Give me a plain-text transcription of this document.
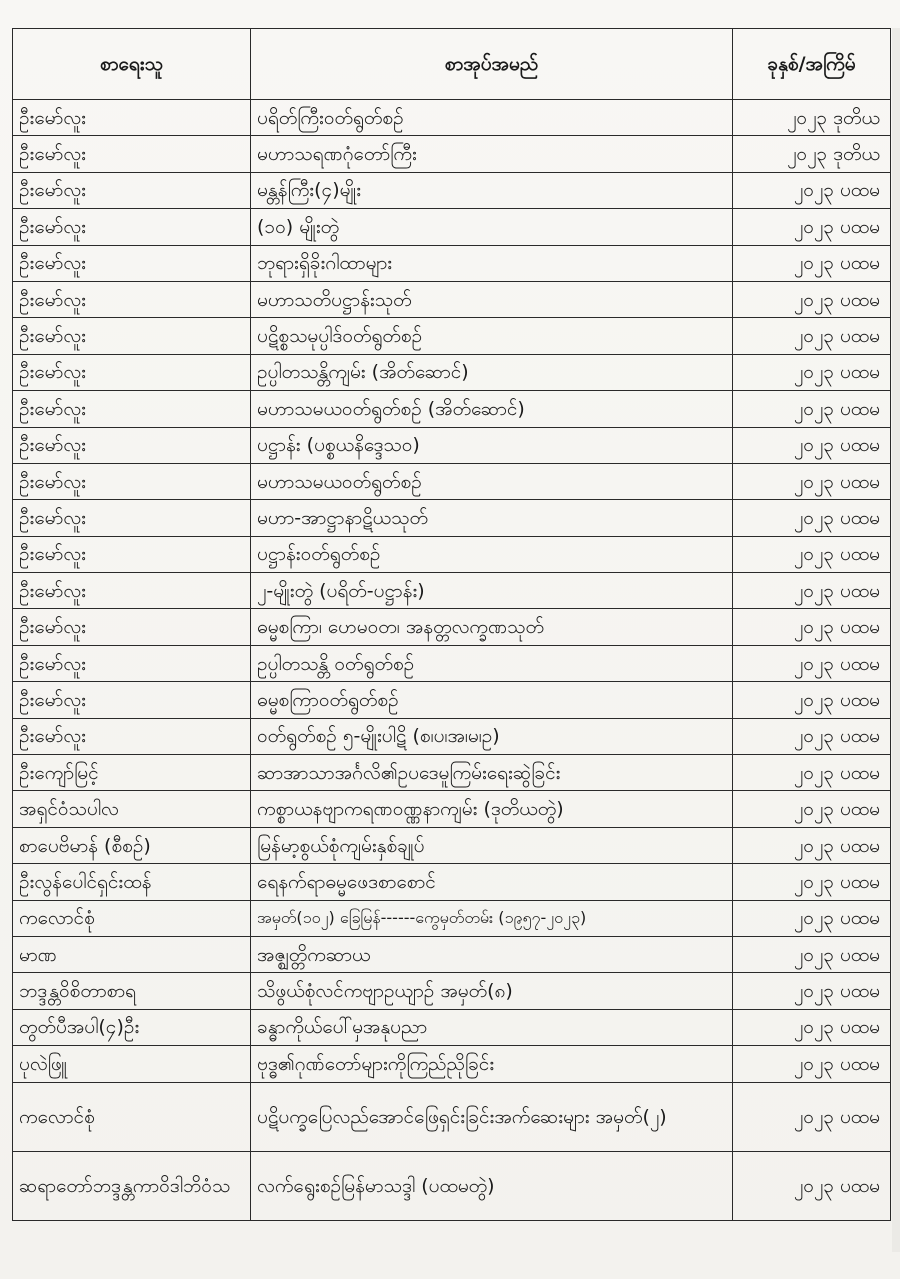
စာရေးသူ	စာအုပ်အမည်	ခုနှစ်/အကြိမ်
ဦးမော်လူး	ပရိတ်ကြီးဝတ်ရွတ်စဉ်	၂၀၂၃ ဒုတိယ
ဦးမော်လူး	မဟာသရဏဂုံတော်ကြီး	၂၀၂၃ ဒုတိယ
ဦးမော်လူး	မန္တန်ကြီး(၄)မျိုး	၂၀၂၃ ပထမ
ဦးမော်လူး	(၁၀) မျိုးတွဲ	၂၀၂၃ ပထမ
ဦးမော်လူး	ဘုရားရှိခိုးဂါထာများ	၂၀၂၃ ပထမ
ဦးမော်လူး	မဟာသတိပဋ္ဌာန်းသုတ်	၂၀၂၃ ပထမ
ဦးမော်လူး	ပဋိစ္စသမုပ္ပါဒ်ဝတ်ရွတ်စဉ်	၂၀၂၃ ပထမ
ဦးမော်လူး	ဥပ္ပါတသန္တိကျမ်း (အိတ်ဆောင်)	၂၀၂၃ ပထမ
ဦးမော်လူး	မဟာသမယဝတ်ရွတ်စဉ် (အိတ်ဆောင်)	၂၀၂၃ ပထမ
ဦးမော်လူး	ပဋ္ဌာန်း (ပစ္စယနိဒ္ဒေသ၀)	၂၀၂၃ ပထမ
ဦးမော်လူး	မဟာသမယဝတ်ရွတ်စဉ်	၂၀၂၃ ပထမ
ဦးမော်လူး	မဟာ-အာဋ္ဌာနာဋိယသုတ်	၂၀၂၃ ပထမ
ဦးမော်လူး	ပဋ္ဌာန်းဝတ်ရွတ်စဉ်	၂၀၂၃ ပထမ
ဦးမော်လူး	၂-မျိုးတွဲ (ပရိတ်-ပဋ္ဌာန်း)	၂၀၂၃ ပထမ
ဦးမော်လူး	ဓမ္မစကြာ၊ ဟေမဝတ၊ အနတ္တလက္ခဏသုတ်	၂၀၂၃ ပထမ
ဦးမော်လူး	ဥပ္ပါတသန္တိ ဝတ်ရွတ်စဉ်	၂၀၂၃ ပထမ
ဦးမော်လူး	ဓမ္မစကြာဝတ်ရွတ်စဉ်	၂၀၂၃ ပထမ
ဦးမော်လူး	ဝတ်ရွတ်စဉ် ၅-မျိုးပါဋိ (စ၊ပ၊အ၊မ၊ဥ)	၂၀၂၃ ပထမ
ဦးကျော်မြင့်	ဆာအာသာအင်္ဂလိ၏ဥပဒေမူကြမ်းရေးဆွဲခြင်း	၂၀၂၃ ပထမ
အရှင်ဝံသပါလ	ကစ္စာယနဗျာကရဏ၀ဏ္ဏနာကျမ်း (ဒုတိယတွဲ)	၂၀၂၃ ပထမ
စာပေဗိမာန် (စီစဉ်)	မြန်မာ့စွယ်စုံကျမ်းနှစ်ချုပ်	၂၀၂၃ ပထမ
ဦးလွန်ပေါင်ရှင်းထန်	ရေနက်ရာဓမ္မဖေဒစာစောင်	၂၀၂၃ ပထမ
ကလောင်စုံ	အမှတ်(၁၀၂) ခြေမြန်------ကွေမှတ်တမ်း (၁၉၅၇-၂၀၂၃)	၂၀၂၃ ပထမ
မာဏ	အဇ္ဈတ္တိကဆာယ	၂၀၂၃ ပထမ
ဘဒ္ဒန္တဝိစိတာစာရ	သိဖွယ်စုံလင်ကဗျာဥယျာဉ် အမှတ်(၈)	၂၀၂၃ ပထမ
တွတ်ပီအပါ(၄)ဦး	ခန္ဓာကိုယ်ပေါ်မှအနုပညာ	၂၀၂၃ ပထမ
ပုလဲဖြူ	ဗုဒ္ဓ၏ဂုဏ်တော်များကိုကြည်ညိုခြင်း	၂၀၂၃ ပထမ
ကလောင်စုံ	ပဋိပက္ခပြေလည်အောင်ဖြေရှင်းခြင်းအက်ဆေးများ အမှတ်(၂)	၂၀၂၃ ပထမ
ဆရာတော်ဘဒ္ဒန္တကာဝိဒါဘိဝံသ	လက်ရွေးစဉ်မြန်မာသဒ္ဒါ (ပထမတွဲ)	၂၀၂၃ ပထမ
